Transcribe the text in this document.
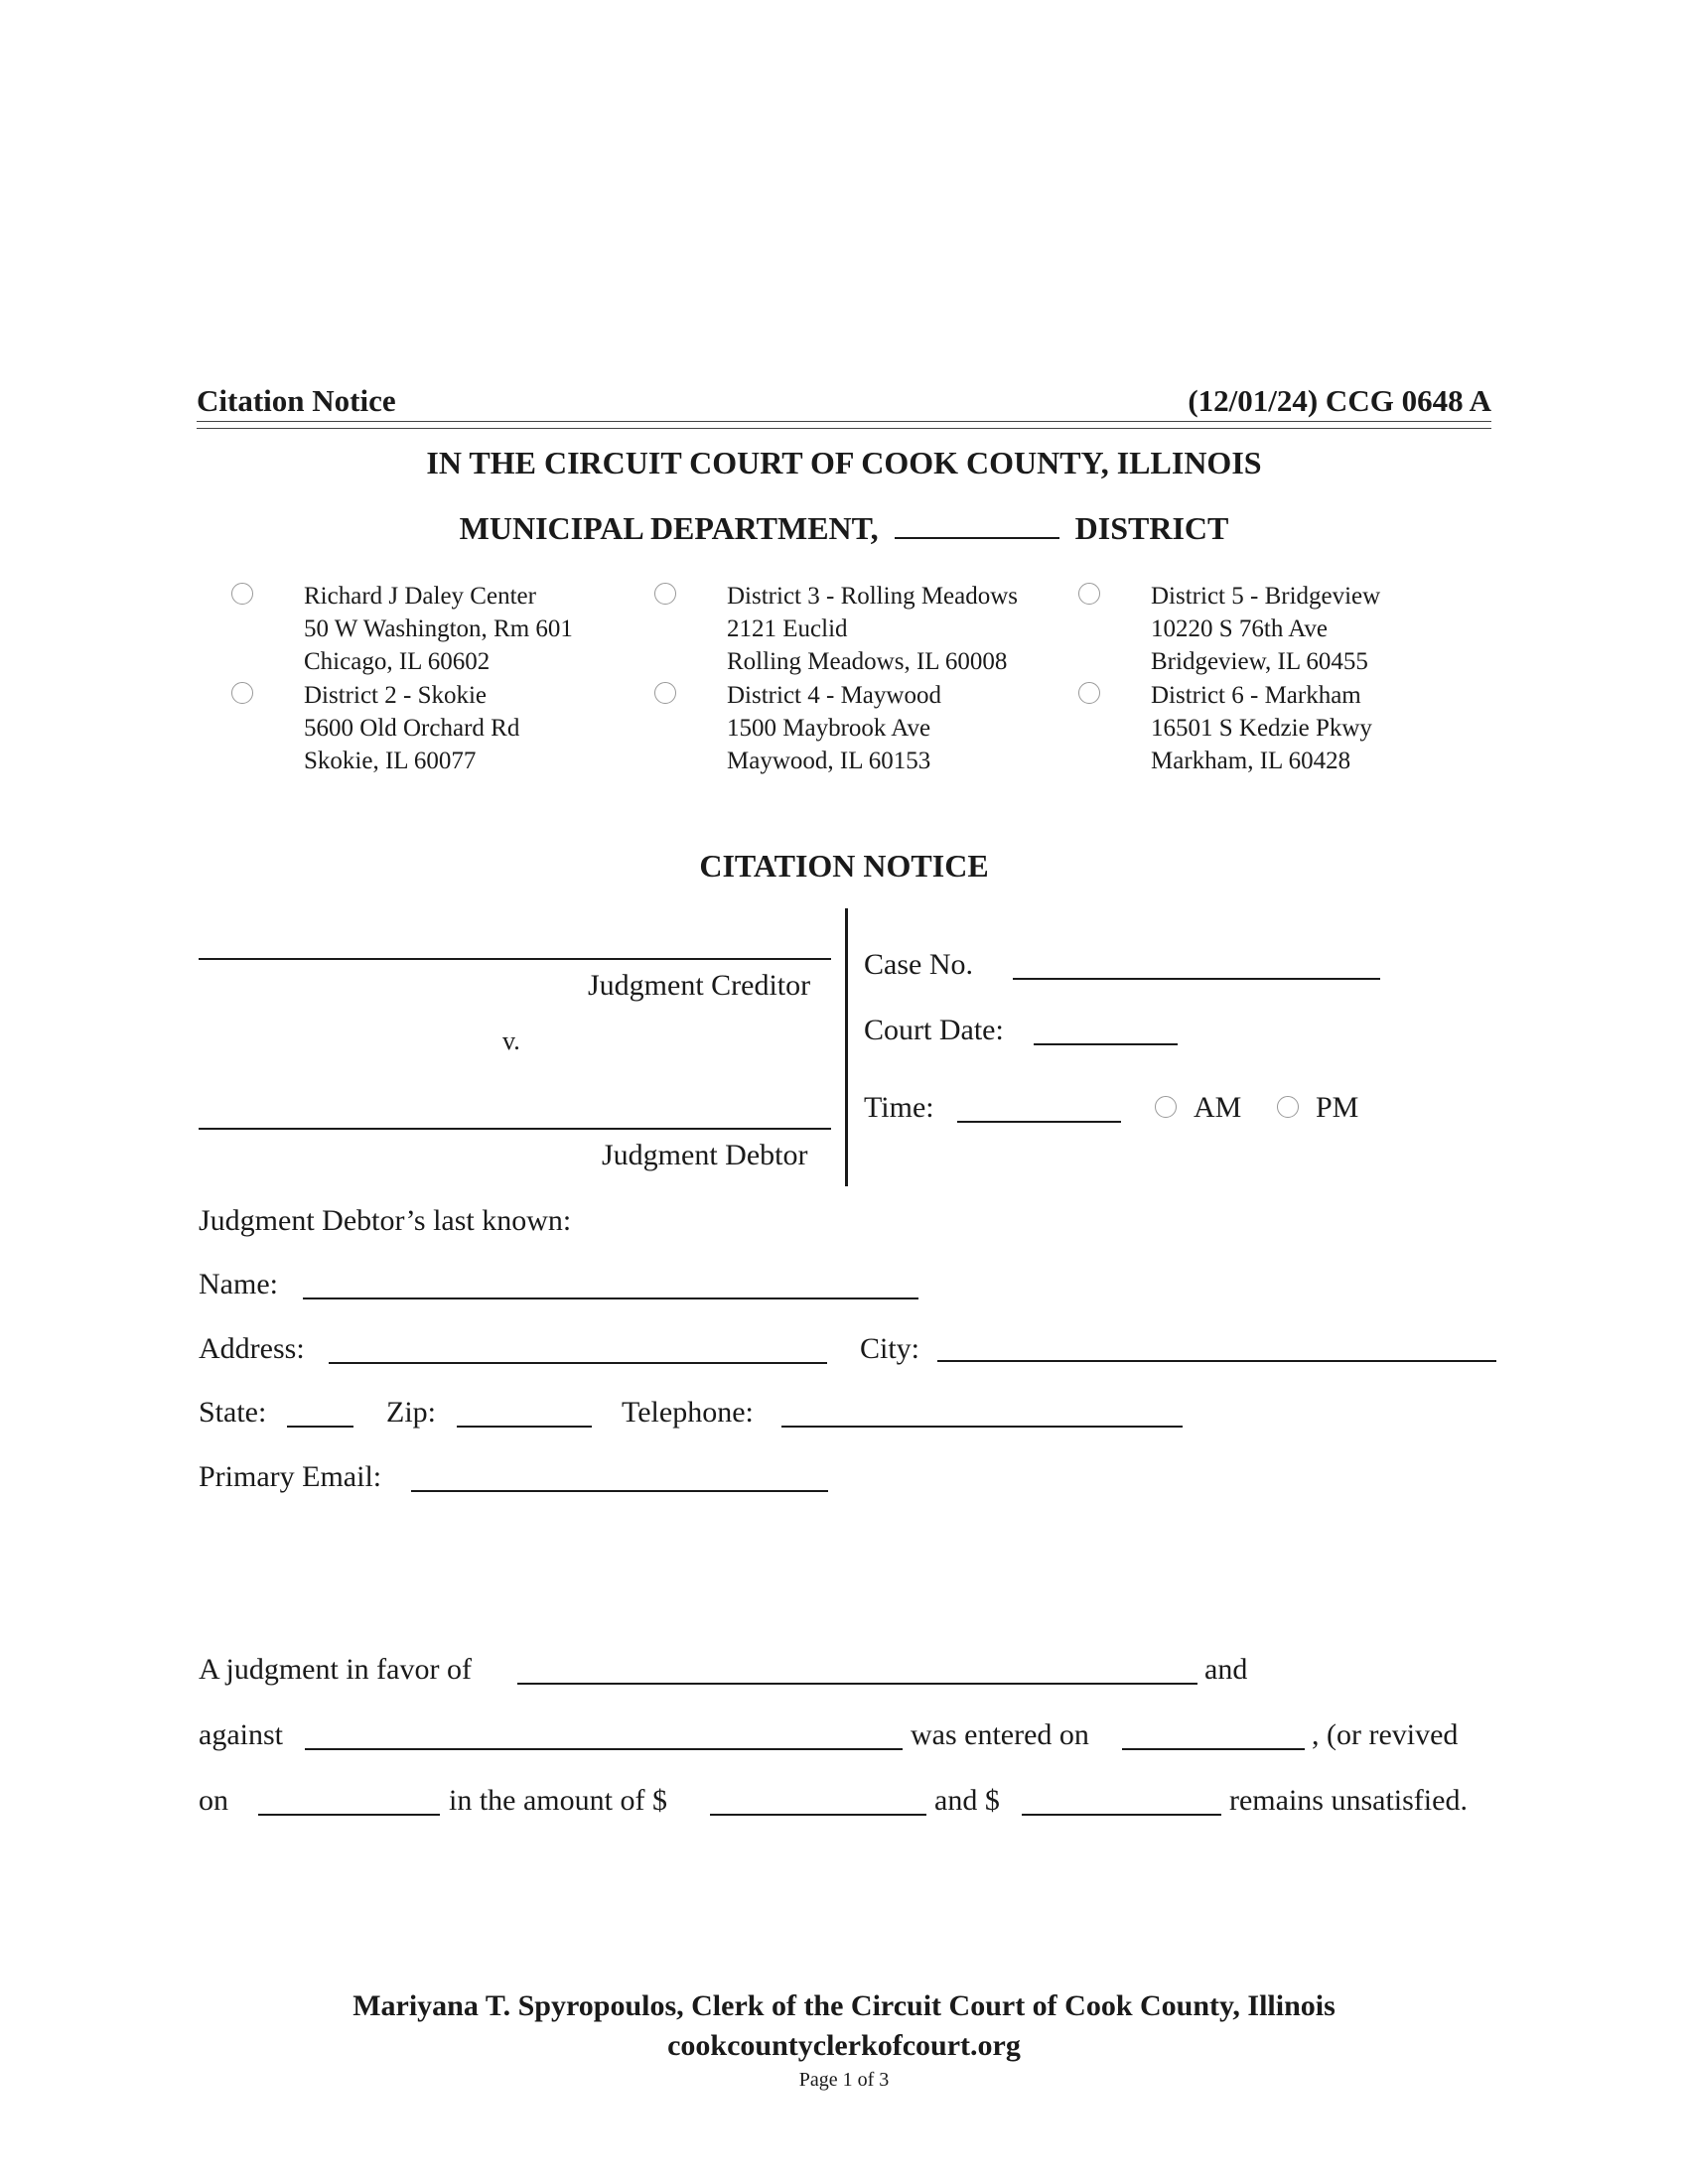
Citation Notice	(12/01/24) CCG 0648 A
IN THE CIRCUIT COURT OF COOK COUNTY, ILLINOIS
MUNICIPAL DEPARTMENT,	DISTRICT
Richard J Daley Center
50 W Washington, Rm 601
Chicago, IL 60602
District 2 - Skokie
5600 Old Orchard Rd
Skokie, IL 60077
District 3 - Rolling Meadows
2121 Euclid
Rolling Meadows, IL 60008
District 4 - Maywood
1500 Maybrook Ave
Maywood, IL 60153
District 5 - Bridgeview
10220 S 76th Ave
Bridgeview, IL 60455
District 6 - Markham
16501 S Kedzie Pkwy
Markham, IL 60428
CITATION NOTICE
Judgment Creditor
v.
Judgment Debtor
Case No.
Court Date:
Time:	AM PM
Judgment Debtor’s last known:
Name:
Address:	City:
State:	Zip:	Telephone:
Primary Email:
A judgment in favor of	and
against	was entered on	, (or revived
on	in the amount of $	and $	remains unsatisfied.
Mariyana T. Spyropoulos, Clerk of the Circuit Court of Cook County, Illinois
cookcountyclerkofcourt.org
Page 1 of 3
